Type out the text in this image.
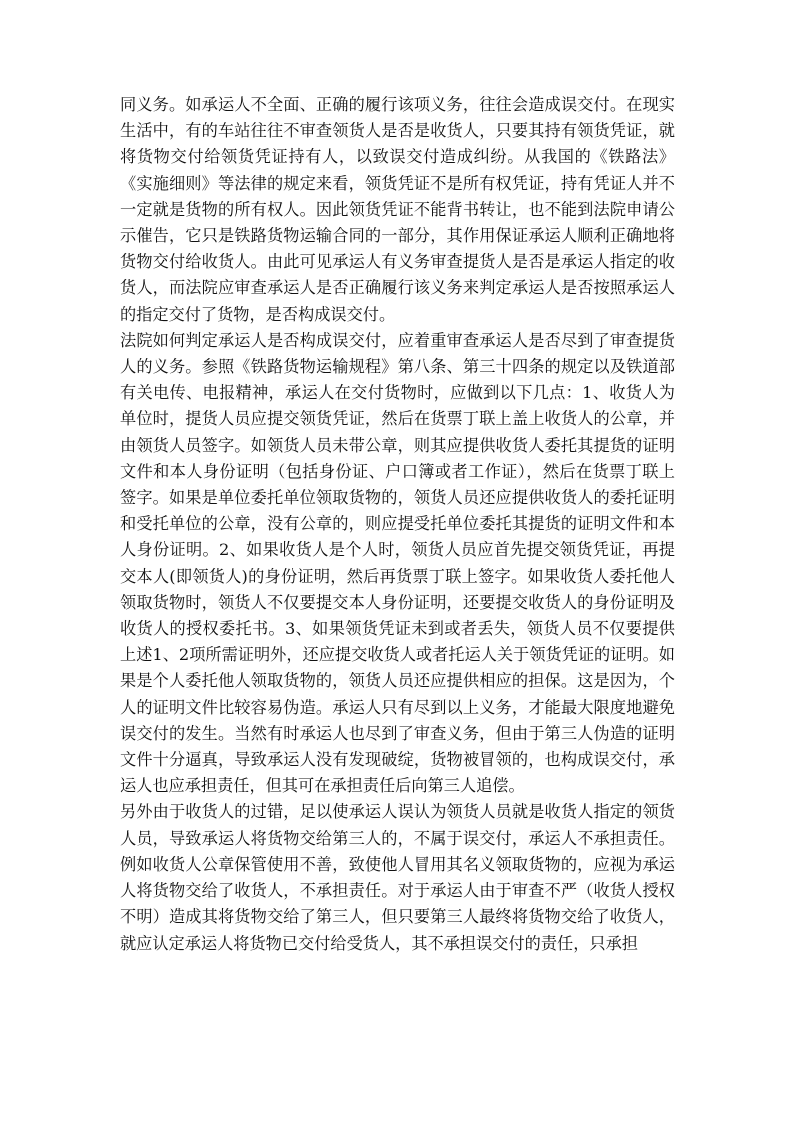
同义务。如承运人不全面、正确的履行该项义务，往往会造成误交付。在现实生活中，有的车站往往不审查领货人是否是收货人，只要其持有领货凭证，就将货物交付给领货凭证持有人，以致误交付造成纠纷。从我国的《铁路法》《实施细则》等法律的规定来看，领货凭证不是所有权凭证，持有凭证人并不一定就是货物的所有权人。因此领货凭证不能背书转让，也不能到法院申请公示催告，它只是铁路货物运输合同的一部分，其作用保证承运人顺利正确地将货物交付给收货人。由此可见承运人有义务审查提货人是否是承运人指定的收货人，而法院应审查承运人是否正确履行该义务来判定承运人是否按照承运人的指定交付了货物，是否构成误交付。

法院如何判定承运人是否构成误交付，应着重审查承运人是否尽到了审查提货人的义务。参照《铁路货物运输规程》第八条、第三十四条的规定以及铁道部有关电传、电报精神，承运人在交付货物时，应做到以下几点：1、收货人为单位时，提货人员应提交领货凭证，然后在货票丁联上盖上收货人的公章，并由领货人员签字。如领货人员未带公章，则其应提供收货人委托其提货的证明文件和本人身份证明（包括身份证、户口簿或者工作证），然后在货票丁联上签字。如果是单位委托单位领取货物的，领货人员还应提供收货人的委托证明和受托单位的公章，没有公章的，则应提受托单位委托其提货的证明文件和本人身份证明。2、如果收货人是个人时，领货人员应首先提交领货凭证，再提交本人(即领货人)的身份证明，然后再货票丁联上签字。如果收货人委托他人领取货物时，领货人不仅要提交本人身份证明，还要提交收货人的身份证明及收货人的授权委托书。3、如果领货凭证未到或者丢失，领货人员不仅要提供上述1、2项所需证明外，还应提交收货人或者托运人关于领货凭证的证明。如果是个人委托他人领取货物的，领货人员还应提供相应的担保。这是因为，个人的证明文件比较容易伪造。承运人只有尽到以上义务，才能最大限度地避免误交付的发生。当然有时承运人也尽到了审查义务，但由于第三人伪造的证明文件十分逼真，导致承运人没有发现破绽，货物被冒领的，也构成误交付，承运人也应承担责任，但其可在承担责任后向第三人追偿。

另外由于收货人的过错，足以使承运人误认为领货人员就是收货人指定的领货人员，导致承运人将货物交给第三人的，不属于误交付，承运人不承担责任。例如收货人公章保管使用不善，致使他人冒用其名义领取货物的，应视为承运人将货物交给了收货人，不承担责任。对于承运人由于审查不严（收货人授权不明）造成其将货物交给了第三人，但只要第三人最终将货物交给了收货人，就应认定承运人将货物已交付给受货人，其不承担误交付的责任，只承担
